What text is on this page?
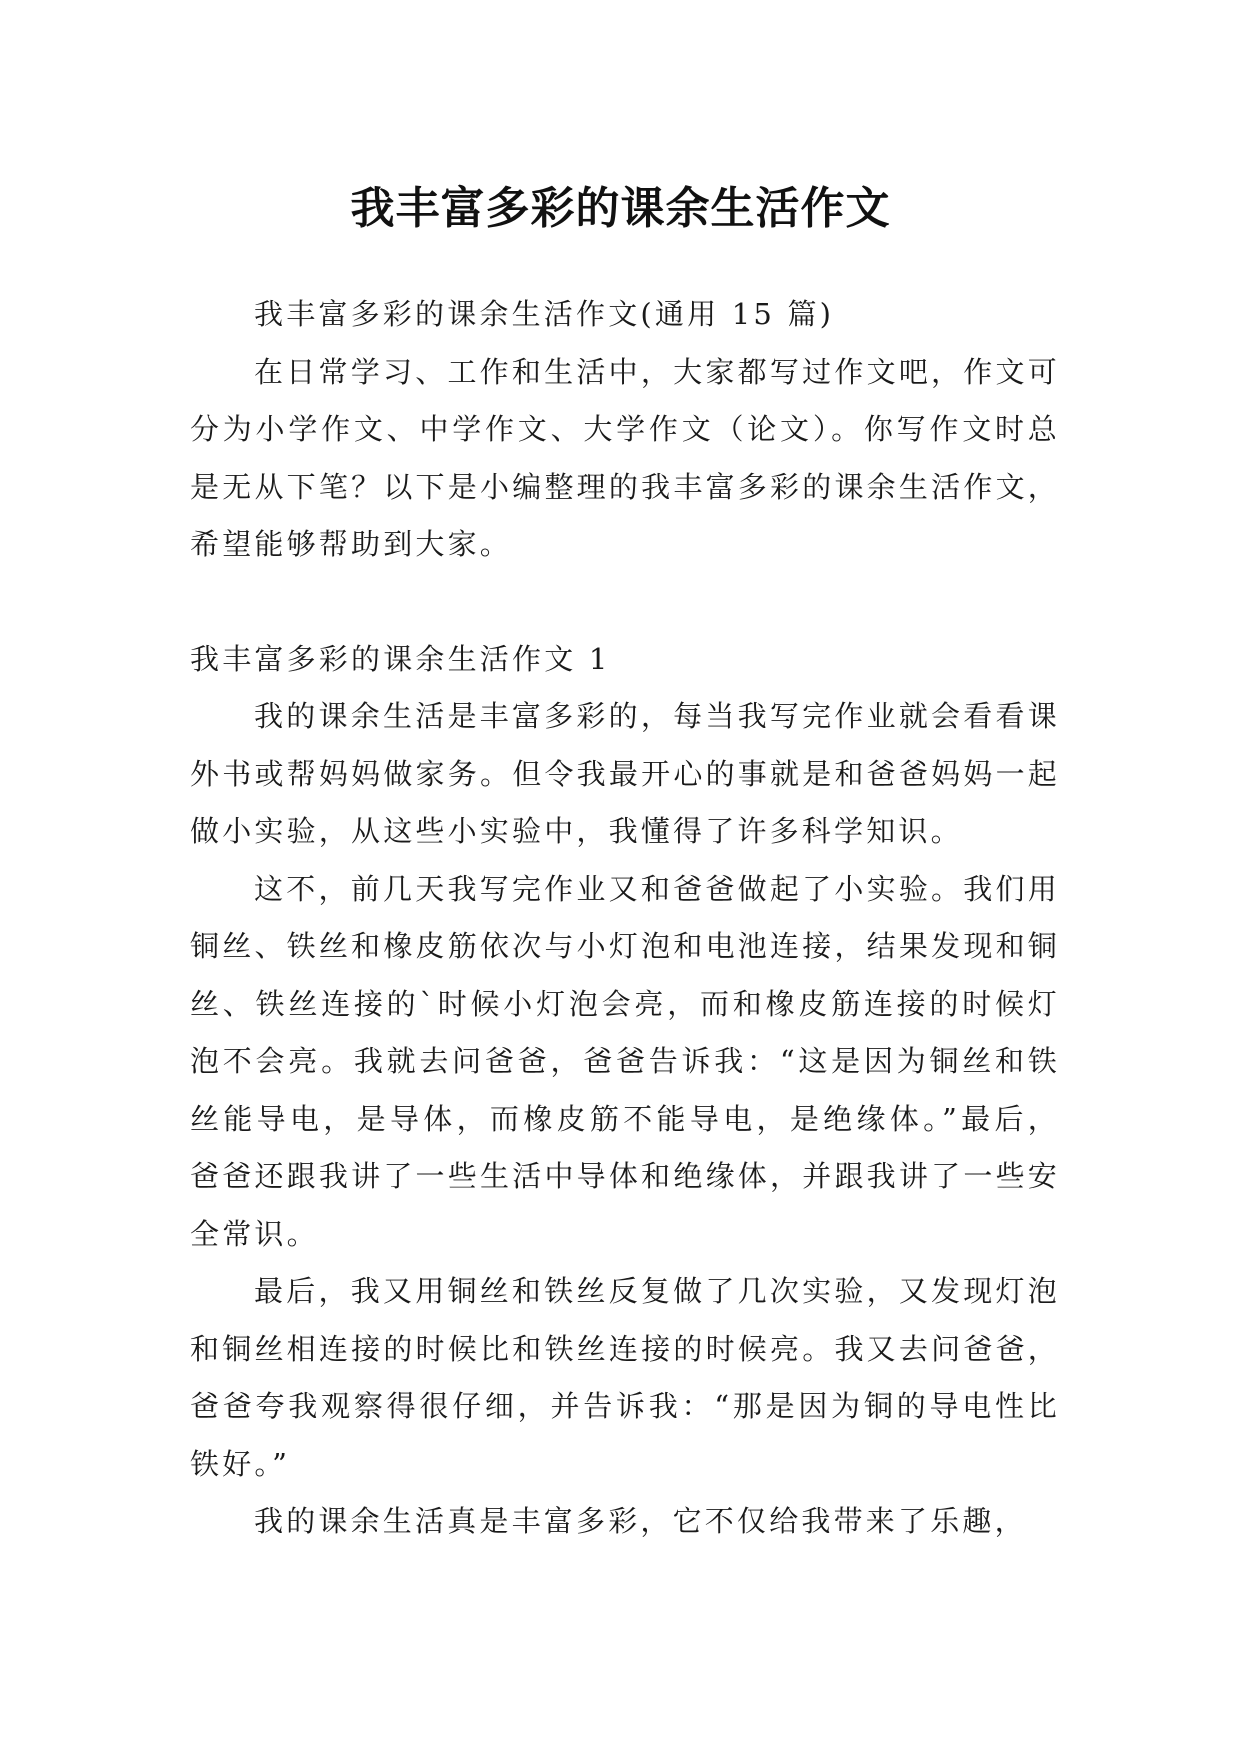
我丰富多彩的课余生活作文

我丰富多彩的课余生活作文(通用 15 篇)

在日常学习、工作和生活中，大家都写过作文吧，作文可分为小学作文、中学作文、大学作文（论文）。你写作文时总是无从下笔？以下是小编整理的我丰富多彩的课余生活作文，希望能够帮助到大家。

我丰富多彩的课余生活作文 1

我的课余生活是丰富多彩的，每当我写完作业就会看看课外书或帮妈妈做家务。但令我最开心的事就是和爸爸妈妈一起做小实验，从这些小实验中，我懂得了许多科学知识。

这不，前几天我写完作业又和爸爸做起了小实验。我们用铜丝、铁丝和橡皮筋依次与小灯泡和电池连接，结果发现和铜丝、铁丝连接的`时候小灯泡会亮，而和橡皮筋连接的时候灯泡不会亮。我就去问爸爸，爸爸告诉我：“这是因为铜丝和铁丝能导电，是导体，而橡皮筋不能导电，是绝缘体。”最后，爸爸还跟我讲了一些生活中导体和绝缘体，并跟我讲了一些安全常识。

最后，我又用铜丝和铁丝反复做了几次实验，又发现灯泡和铜丝相连接的时候比和铁丝连接的时候亮。我又去问爸爸，爸爸夸我观察得很仔细，并告诉我：“那是因为铜的导电性比铁好。”

我的课余生活真是丰富多彩，它不仅给我带来了乐趣，
